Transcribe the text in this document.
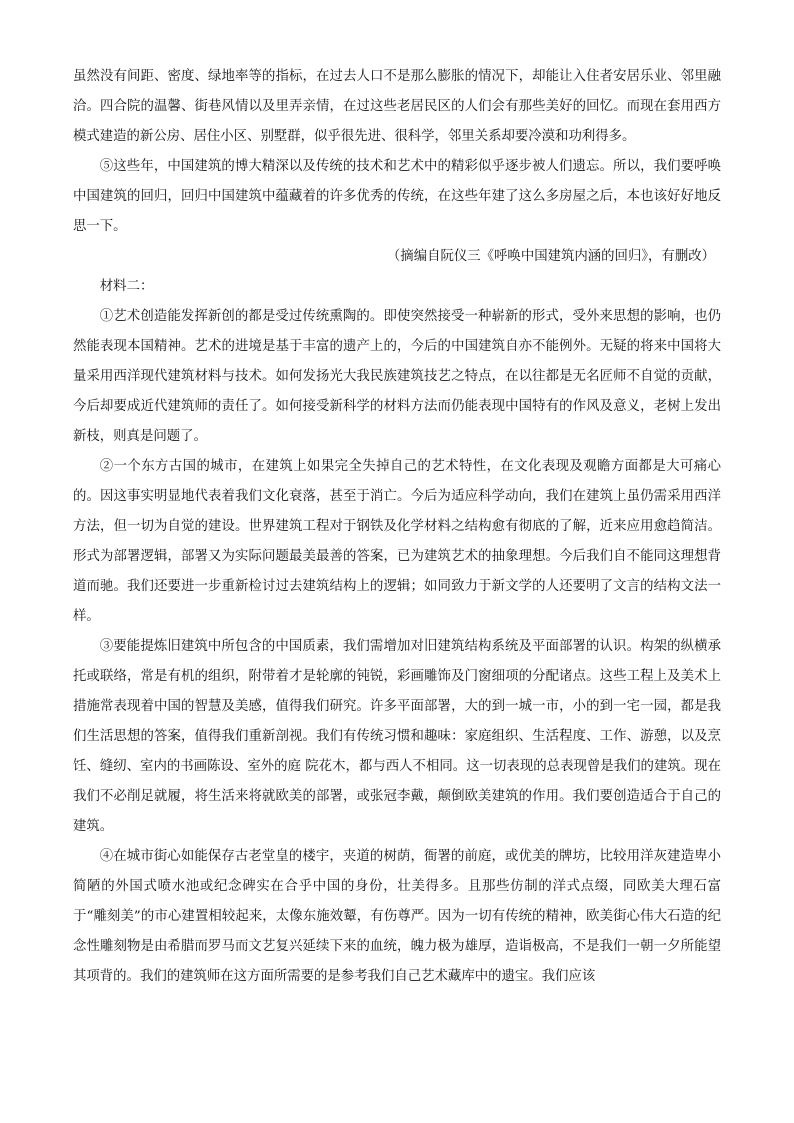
虽然没有间距、密度、绿地率等的指标，在过去人口不是那么膨胀的情况下，却能让入住者安居乐业、邻里融洽。四合院的温馨、街巷风情以及里弄亲情，在过这些老居民区的人们会有那些美好的回忆。而现在套用西方模式建造的新公房、居住小区、别墅群，似乎很先进、很科学，邻里关系却要冷漠和功利得多。

⑤这些年，中国建筑的博大精深以及传统的技术和艺术中的精彩似乎逐步被人们遗忘。所以，我们要呼唤中国建筑的回归，回归中国建筑中蕴藏着的许多优秀的传统，在这些年建了这么多房屋之后，本也该好好地反思一下。

（摘编自阮仪三《呼唤中国建筑内涵的回归》，有删改）

材料二：

①艺术创造能发挥新创的都是受过传统熏陶的。即使突然接受一种崭新的形式，受外来思想的影响，也仍然能表现本国精神。艺术的进境是基于丰富的遗产上的，今后的中国建筑自亦不能例外。无疑的将来中国将大量采用西洋现代建筑材料与技术。如何发扬光大我民族建筑技艺之特点，在以往都是无名匠师不自觉的贡献，今后却要成近代建筑师的责任了。如何接受新科学的材料方法而仍能表现中国特有的作风及意义，老树上发出新枝，则真是问题了。

②一个东方古国的城市，在建筑上如果完全失掉自己的艺术特性，在文化表现及观瞻方面都是大可痛心的。因这事实明显地代表着我们文化衰落，甚至于消亡。今后为适应科学动向，我们在建筑上虽仍需采用西洋方法，但一切为自觉的建设。世界建筑工程对于钢铁及化学材料之结构愈有彻底的了解，近来应用愈趋简洁。形式为部署逻辑，部署又为实际问题最美最善的答案，已为建筑艺术的抽象理想。今后我们自不能同这理想背道而驰。我们还要进一步重新检讨过去建筑结构上的逻辑；如同致力于新文学的人还要明了文言的结构文法一样。

③要能提炼旧建筑中所包含的中国质素，我们需增加对旧建筑结构系统及平面部署的认识。构架的纵横承托或联络，常是有机的组织，附带着才是轮廓的钝锐，彩画雕饰及门窗细项的分配诸点。这些工程上及美术上措施常表现着中国的智慧及美感，值得我们研究。许多平面部署，大的到一城一市，小的到一宅一园，都是我们生活思想的答案，值得我们重新剖视。我们有传统习惯和趣味：家庭组织、生活程度、工作、游憩，以及烹饪、缝纫、室内的书画陈设、室外的庭 院花木，都与西人不相同。这一切表现的总表现曾是我们的建筑。现在我们不必削足就履，将生活来将就欧美的部署，或张冠李戴，颠倒欧美建筑的作用。我们要创造适合于自己的建筑。

④在城市街心如能保存古老堂皇的楼宇，夹道的树荫，衙署的前庭，或优美的牌坊，比较用洋灰建造卑小简陋的外国式喷水池或纪念碑实在合乎中国的身份，壮美得多。且那些仿制的洋式点缀，同欧美大理石富于“雕刻美”的市心建置相较起来，太像东施效颦，有伤尊严。因为一切有传统的精神，欧美街心伟大石造的纪念性雕刻物是由希腊而罗马而文艺复兴延续下来的血统，魄力极为雄厚，造诣极高，不是我们一朝一夕所能望其项背的。我们的建筑师在这方面所需要的是参考我们自己艺术藏库中的遗宝。我们应该
